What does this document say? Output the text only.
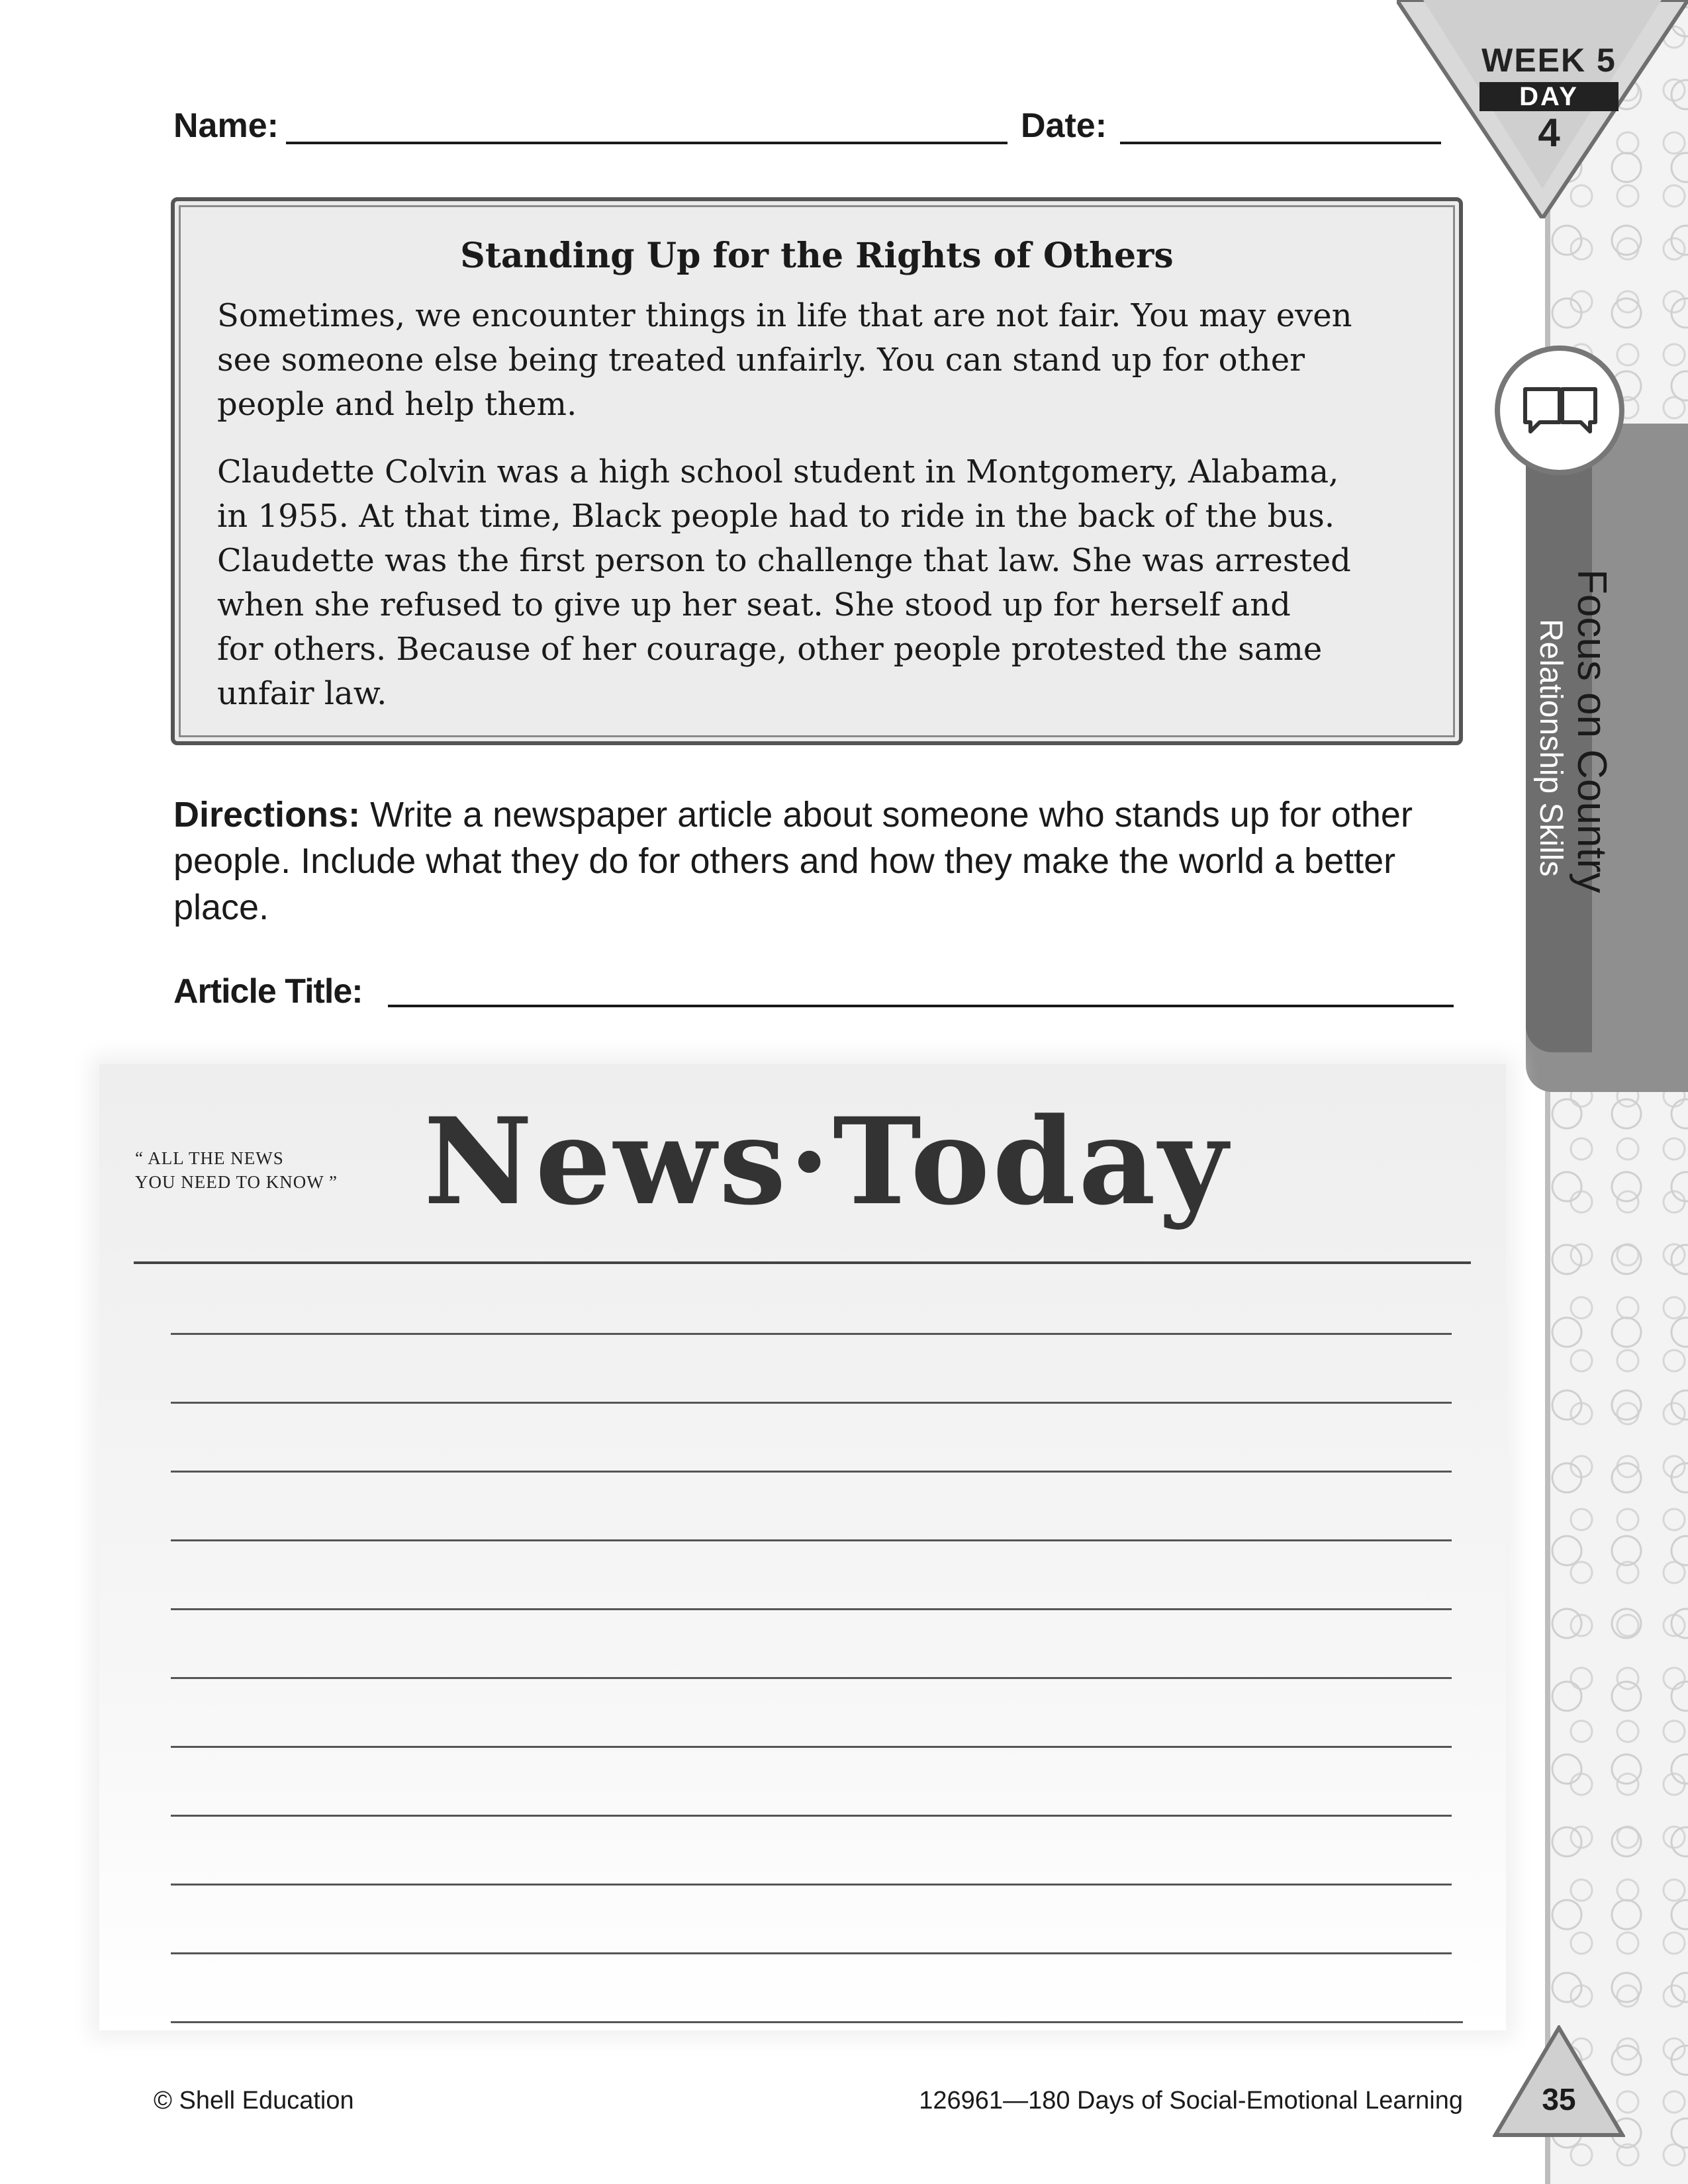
WEEK 5
DAY
4
Focus on Country
Relationship Skills
Name:	Date:
Standing Up for the Rights of Others
Sometimes, we encounter things in life that are not fair. You may even
see someone else being treated unfairly. You can stand up for other
people and help them.
Claudette Colvin was a high school student in Montgomery, Alabama,
in 1955. At that time, Black people had to ride in the back of the bus.
Claudette was the first person to challenge that law. She was arrested
when she refused to give up her seat. She stood up for herself and
for others. Because of her courage, other people protested the same
unfair law.
Directions: Write a newspaper article about someone who stands up for other people. Include what they do for others and how they make the world a better place.
Article Title:
“ ALL THE NEWS
YOU NEED TO KNOW ” News·Today
© Shell Education	126961—180 Days of Social-Emotional Learning	35
